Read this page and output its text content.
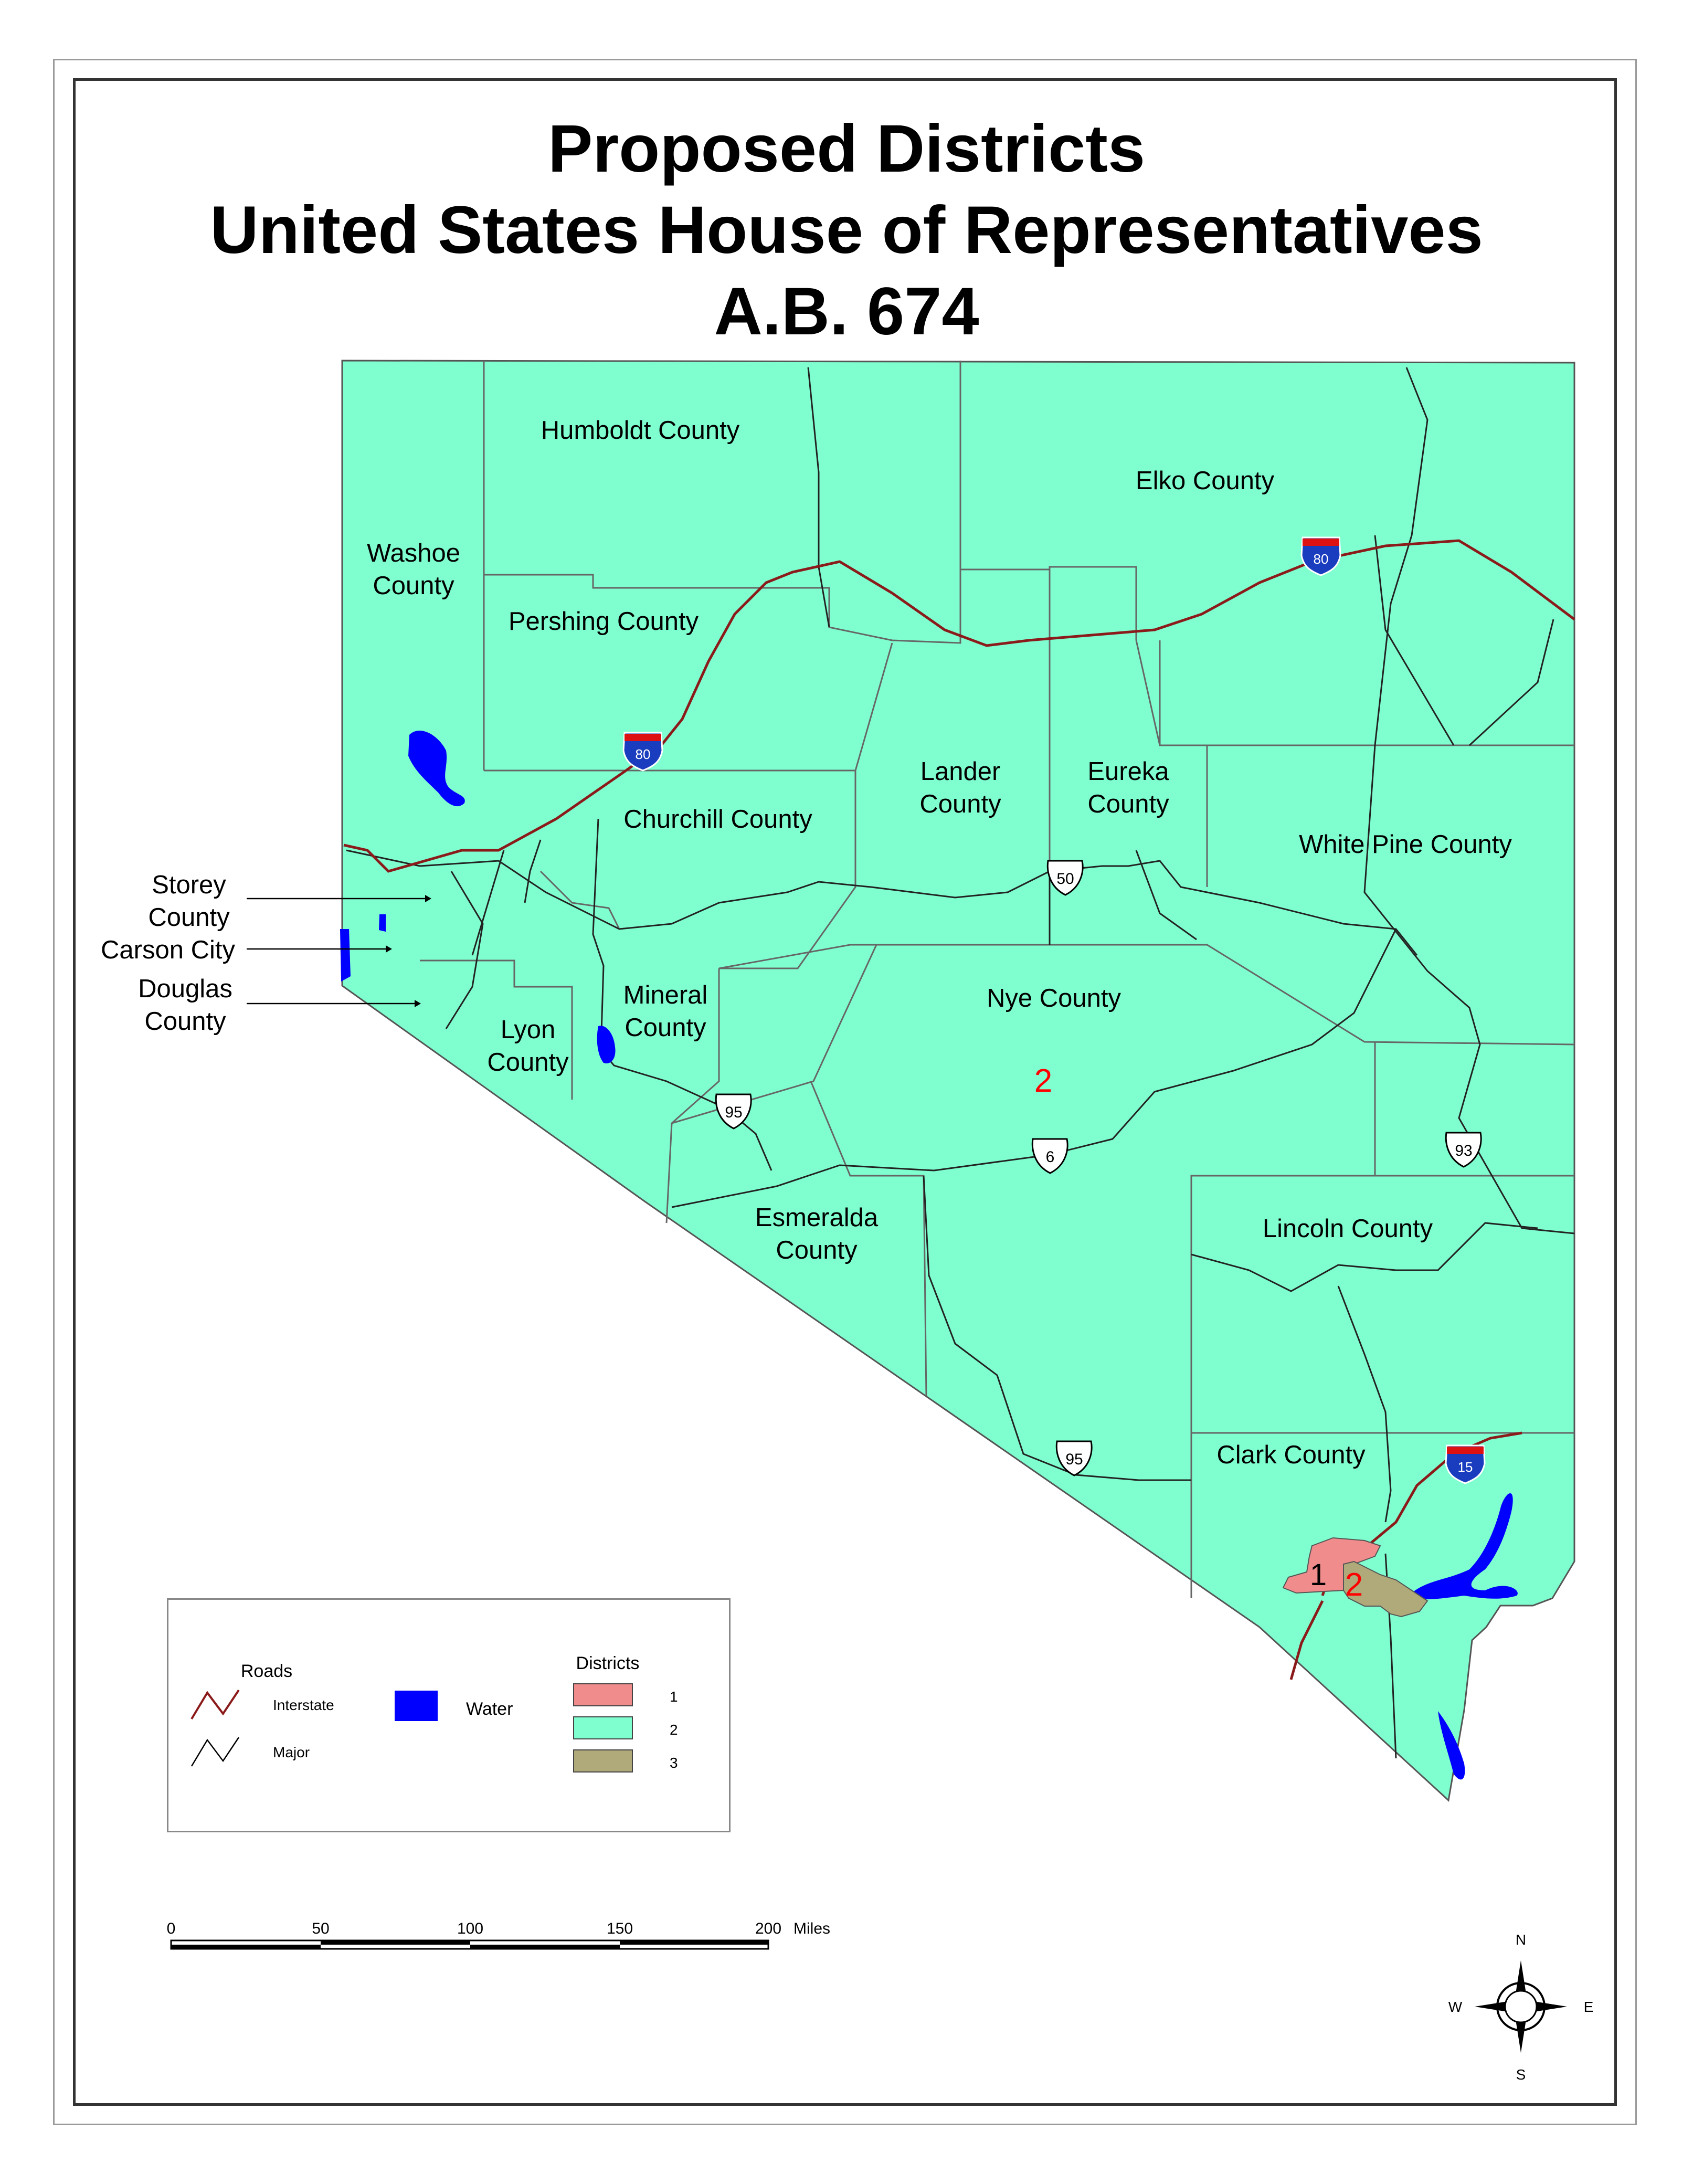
Proposed Districts
United States House of Representatives
A.B. 674
Humboldt County
Elko County
Washoe
County
Pershing County
Lander
County
Eureka
County
Churchill County
White Pine County
Mineral
County
Lyon
County
Nye County
Esmeralda
County
Lincoln County
Clark County
Storey
County
Carson City
Douglas
County
2
1 2
80
80
15
50
95
6	93
95
Roads
Interstate
Major
Water
Districts
1
2
3
0	50	100	150	200 Miles
N
S
E
W
